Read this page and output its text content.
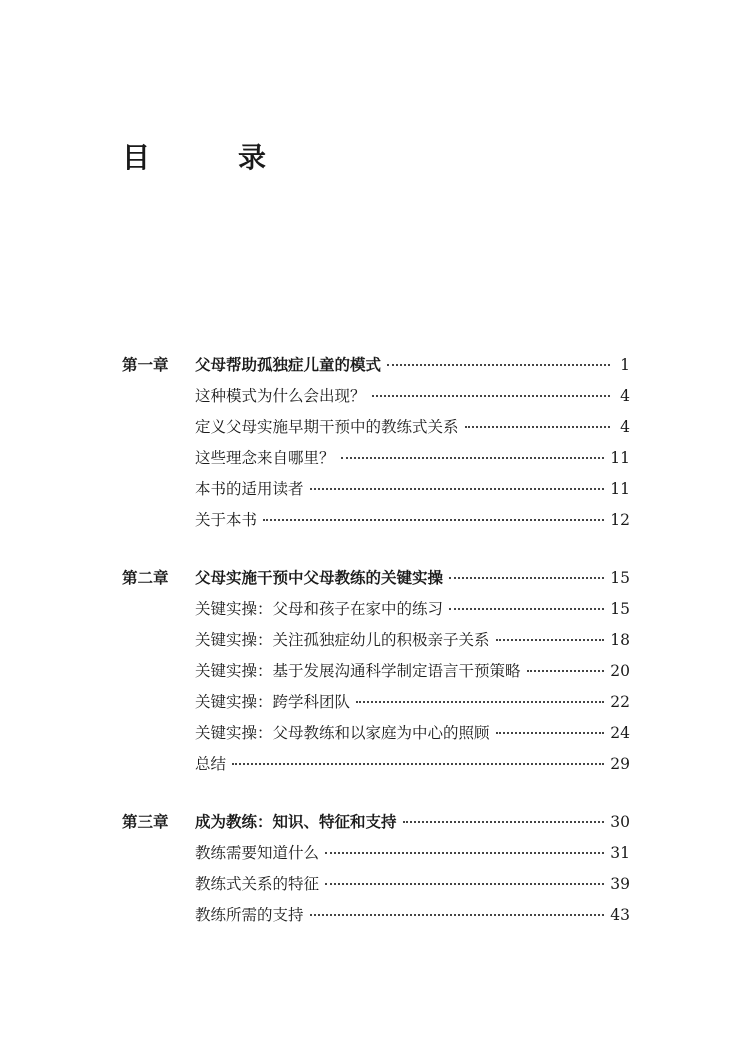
目　录
第一章	父母帮助孤独症儿童的模式	1
这种模式为什么会出现？	4
定义父母实施早期干预中的教练式关系	4
这些理念来自哪里？	11
本书的适用读者	11
关于本书	12
第二章	父母实施干预中父母教练的关键实操	15
关键实操：父母和孩子在家中的练习	15
关键实操：关注孤独症幼儿的积极亲子关系	18
关键实操：基于发展沟通科学制定语言干预策略	20
关键实操：跨学科团队	22
关键实操：父母教练和以家庭为中心的照顾	24
总结	29
第三章	成为教练：知识、特征和支持	30
教练需要知道什么	31
教练式关系的特征	39
教练所需的支持	43
